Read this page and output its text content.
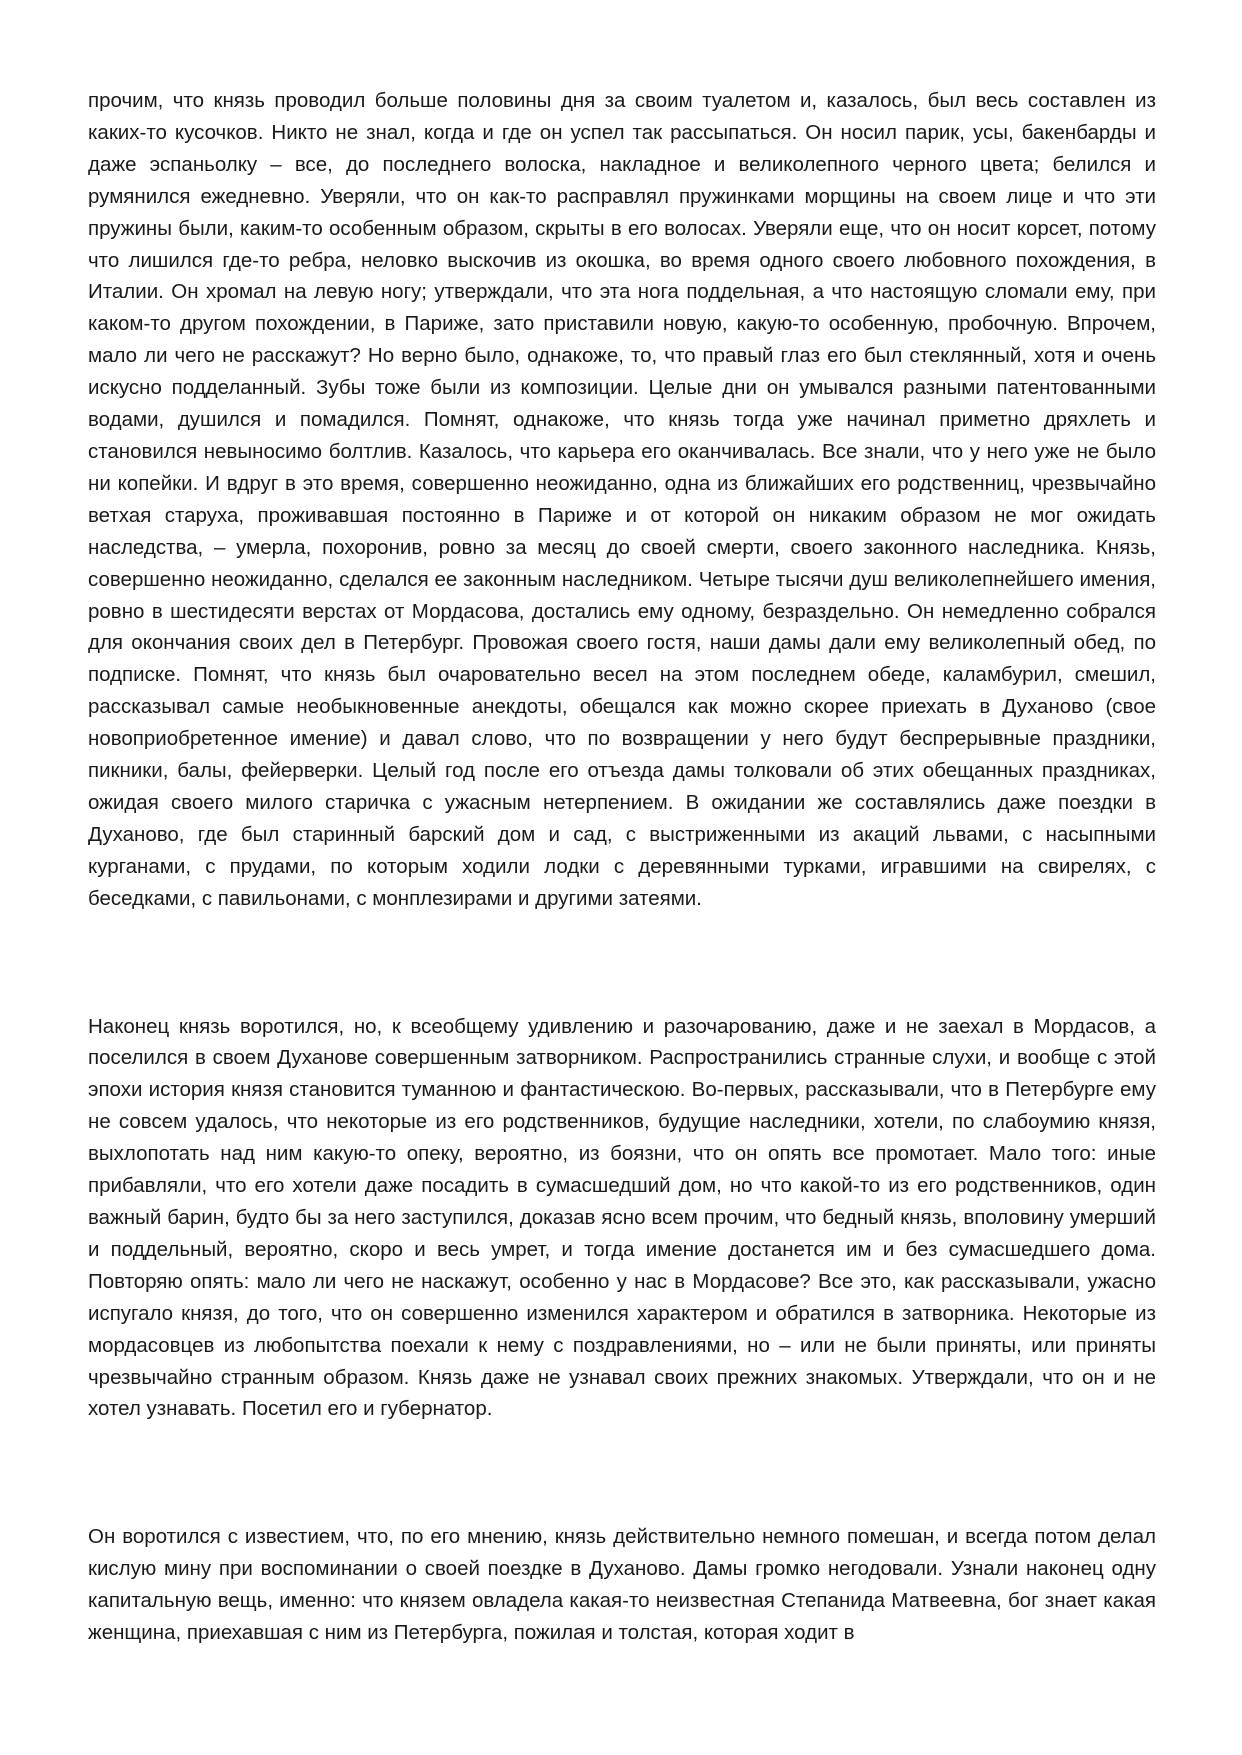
прочим, что князь проводил больше половины дня за своим туалетом и, казалось, был весь составлен из каких-то кусочков. Никто не знал, когда и где он успел так рассыпаться. Он носил парик, усы, бакенбарды и даже эспаньолку – все, до последнего волоска, накладное и великолепного черного цвета; белился и румянился ежедневно. Уверяли, что он как-то расправлял пружинками морщины на своем лице и что эти пружины были, каким-то особенным образом, скрыты в его волосах. Уверяли еще, что он носит корсет, потому что лишился где-то ребра, неловко выскочив из окошка, во время одного своего любовного похождения, в Италии. Он хромал на левую ногу; утверждали, что эта нога поддельная, а что настоящую сломали ему, при каком-то другом похождении, в Париже, зато приставили новую, какую-то особенную, пробочную. Впрочем, мало ли чего не расскажут? Но верно было, однакоже, то, что правый глаз его был стеклянный, хотя и очень искусно подделанный. Зубы тоже были из композиции. Целые дни он умывался разными патентованными водами, душился и помадился. Помнят, однакоже, что князь тогда уже начинал приметно дряхлеть и становился невыносимо болтлив. Казалось, что карьера его оканчивалась. Все знали, что у него уже не было ни копейки. И вдруг в это время, совершенно неожиданно, одна из ближайших его родственниц, чрезвычайно ветхая старуха, проживавшая постоянно в Париже и от которой он никаким образом не мог ожидать наследства, – умерла, похоронив, ровно за месяц до своей смерти, своего законного наследника. Князь, совершенно неожиданно, сделался ее законным наследником. Четыре тысячи душ великолепнейшего имения, ровно в шестидесяти верстах от Мордасова, достались ему одному, безраздельно. Он немедленно собрался для окончания своих дел в Петербург. Провожая своего гостя, наши дамы дали ему великолепный обед, по подписке. Помнят, что князь был очаровательно весел на этом последнем обеде, каламбурил, смешил, рассказывал самые необыкновенные анекдоты, обещался как можно скорее приехать в Духаново (свое новоприобретенное имение) и давал слово, что по возвращении у него будут беспрерывные праздники, пикники, балы, фейерверки. Целый год после его отъезда дамы толковали об этих обещанных праздниках, ожидая своего милого старичка с ужасным нетерпением. В ожидании же составлялись даже поездки в Духаново, где был старинный барский дом и сад, с выстриженными из акаций львами, с насыпными курганами, с прудами, по которым ходили лодки с деревянными турками, игравшими на свирелях, с беседками, с павильонами, с монплезирами и другими затеями.

Наконец князь воротился, но, к всеобщему удивлению и разочарованию, даже и не заехал в Мордасов, а поселился в своем Духанове совершенным затворником. Распространились странные слухи, и вообще с этой эпохи история князя становится туманною и фантастическою. Во-первых, рассказывали, что в Петербурге ему не совсем удалось, что некоторые из его родственников, будущие наследники, хотели, по слабоумию князя, выхлопотать над ним какую-то опеку, вероятно, из боязни, что он опять все промотает. Мало того: иные прибавляли, что его хотели даже посадить в сумасшедший дом, но что какой-то из его родственников, один важный барин, будто бы за него заступился, доказав ясно всем прочим, что бедный князь, вполовину умерший и поддельный, вероятно, скоро и весь умрет, и тогда имение достанется им и без сумасшедшего дома. Повторяю опять: мало ли чего не наскажут, особенно у нас в Мордасове? Все это, как рассказывали, ужасно испугало князя, до того, что он совершенно изменился характером и обратился в затворника. Некоторые из мордасовцев из любопытства поехали к нему с поздравлениями, но – или не были приняты, или приняты чрезвычайно странным образом. Князь даже не узнавал своих прежних знакомых. Утверждали, что он и не хотел узнавать. Посетил его и губернатор.

Он воротился с известием, что, по его мнению, князь действительно немного помешан, и всегда потом делал кислую мину при воспоминании о своей поездке в Духаново. Дамы громко негодовали. Узнали наконец одну капитальную вещь, именно: что князем овладела какая-то неизвестная Степанида Матвеевна, бог знает какая женщина, приехавшая с ним из Петербурга, пожилая и толстая, которая ходит в
